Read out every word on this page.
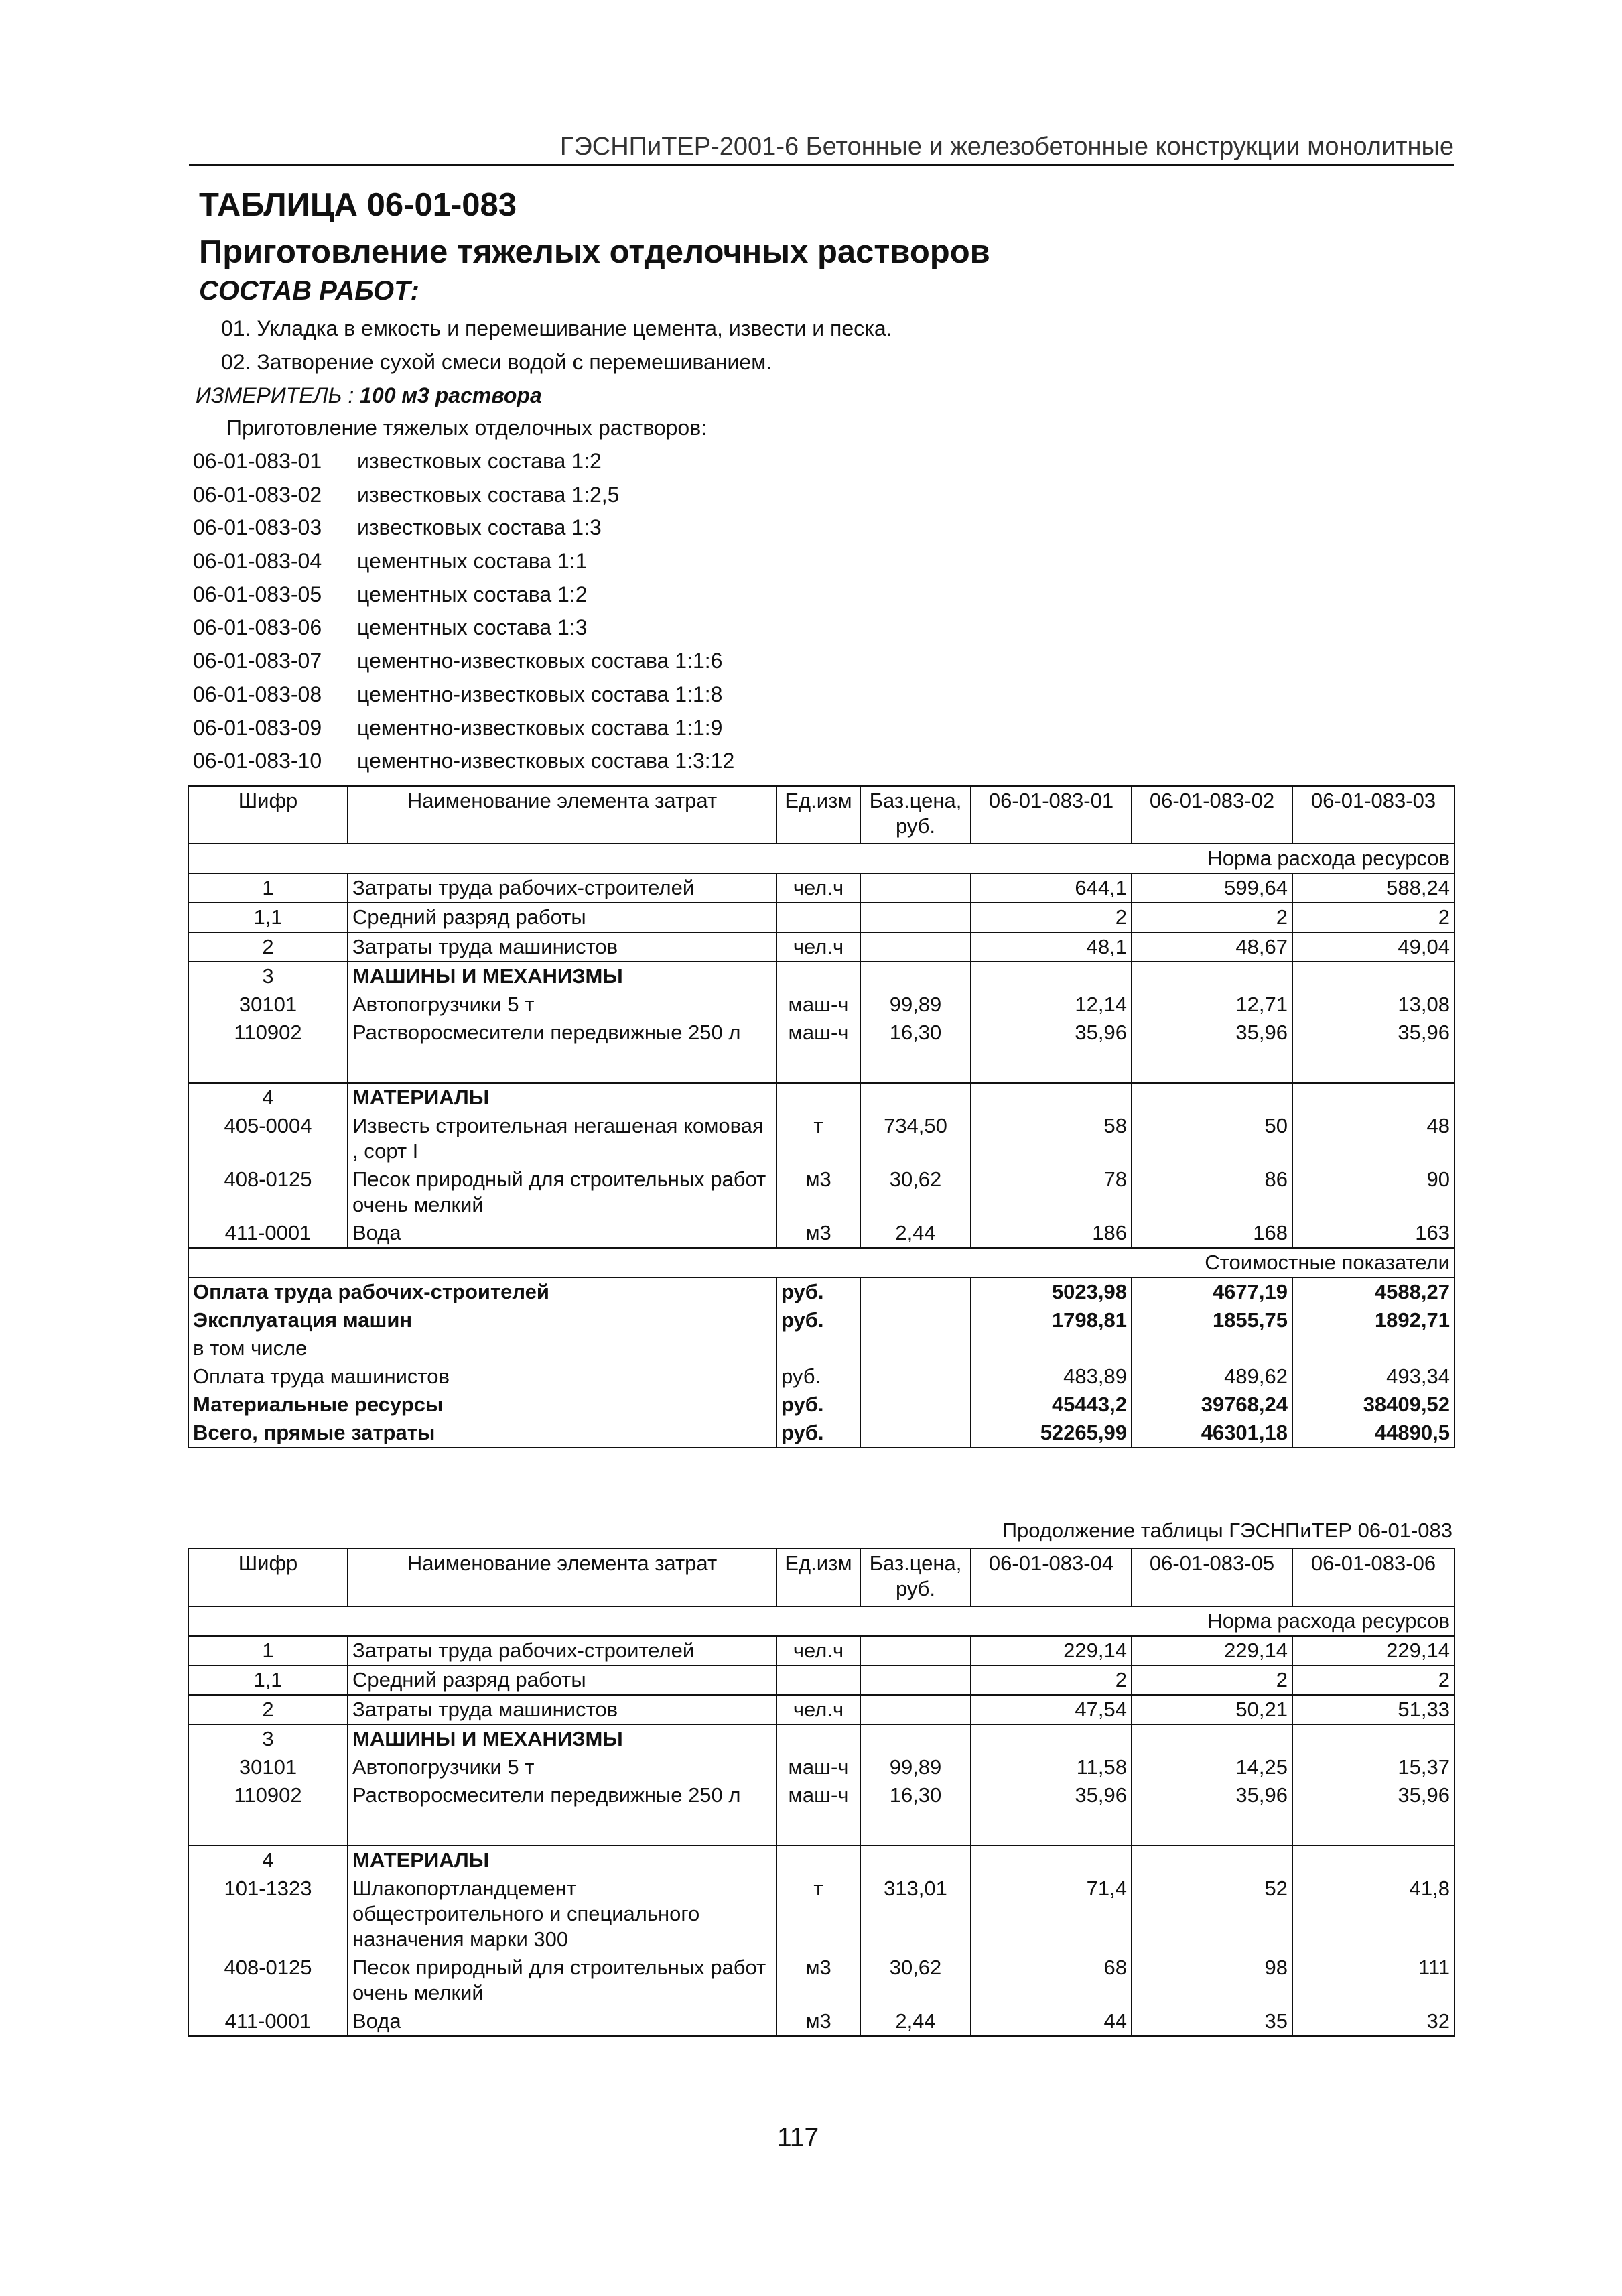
ГЭСНПиТЕР-2001-6 Бетонные и железобетонные конструкции монолитные
ТАБЛИЦА 06-01-083
Приготовление тяжелых отделочных растворов
СОСТАВ РАБОТ:
01. Укладка в емкость и перемешивание цемента, извести и песка.
02. Затворение сухой смеси водой с перемешиванием.
ИЗМЕРИТЕЛЬ : 100 м3 раствора
Приготовление тяжелых отделочных растворов:
06-01-083-01 известковых состава 1:2
06-01-083-02 известковых состава 1:2,5
06-01-083-03 известковых состава 1:3
06-01-083-04 цементных состава 1:1
06-01-083-05 цементных состава 1:2
06-01-083-06 цементных состава 1:3
06-01-083-07 цементно-известковых состава 1:1:6
06-01-083-08 цементно-известковых состава 1:1:8
06-01-083-09 цементно-известковых состава 1:1:9
06-01-083-10 цементно-известковых состава 1:3:12
Шифр	Наименование элемента затрат	Ед.изм	Баз.цена, руб.	06-01-083-01	06-01-083-02	06-01-083-03
Норма расхода ресурсов						
1	Затраты труда рабочих-строителей	чел.ч		644,1	599,64	588,24
1,1	Средний разряд работы			2	2	2
2	Затраты труда машинистов	чел.ч		48,1	48,67	49,04
3	МАШИНЫ И МЕХАНИЗМЫ					
30101	Автопогрузчики 5 т	маш-ч	99,89	12,14	12,71	13,08
110902	Растворосмесители передвижные 250 л	маш-ч	16,30	35,96	35,96	35,96
4	МАТЕРИАЛЫ					
405-0004	Известь строительная негашеная комовая , сорт I	т	734,50	58	50	48
408-0125	Песок природный для строительных работ очень мелкий	м3	30,62	78	86	90
411-0001	Вода	м3	2,44	186	168	163
Стоимостные показатели						
Оплата труда рабочих-строителей		руб.		5023,98	4677,19	4588,27
Эксплуатация машин		руб.		1798,81	1855,75	1892,71
в том числе						
Оплата труда машинистов		руб.		483,89	489,62	493,34
Материальные ресурсы		руб.		45443,2	39768,24	38409,52
Всего, прямые затраты		руб.		52265,99	46301,18	44890,5
Продолжение таблицы ГЭСНПиТЕР 06-01-083
Шифр	Наименование элемента затрат	Ед.изм	Баз.цена, руб.	06-01-083-04	06-01-083-05	06-01-083-06
Норма расхода ресурсов						
1	Затраты труда рабочих-строителей	чел.ч		229,14	229,14	229,14
1,1	Средний разряд работы			2	2	2
2	Затраты труда машинистов	чел.ч		47,54	50,21	51,33
3	МАШИНЫ И МЕХАНИЗМЫ					
30101	Автопогрузчики 5 т	маш-ч	99,89	11,58	14,25	15,37
110902	Растворосмесители передвижные 250 л	маш-ч	16,30	35,96	35,96	35,96
4	МАТЕРИАЛЫ					
101-1323	Шлакопортландцемент общестроительного и специального назначения марки 300	т	313,01	71,4	52	41,8
408-0125	Песок природный для строительных работ очень мелкий	м3	30,62	68	98	111
411-0001	Вода	м3	2,44	44	35	32
117
